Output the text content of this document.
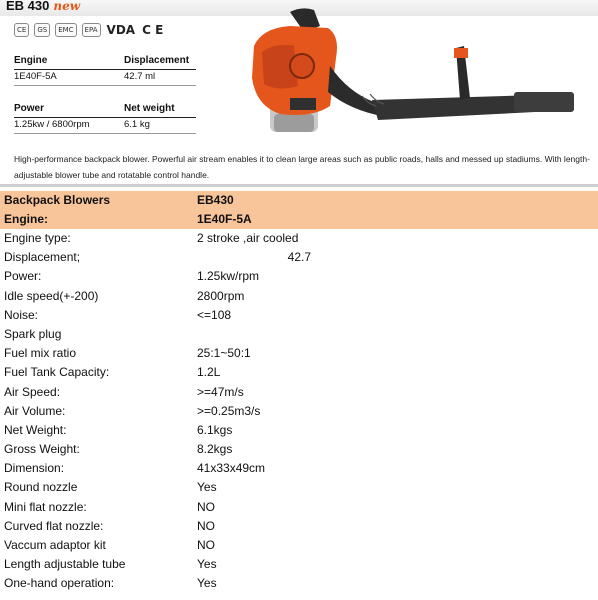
EB 430 new
CE	GS	EMC	EPA VDA C E
Engine	Displacement
1E40F-5A	42.7 ml
Power	Net weight
1.25kw / 6800rpm	6.1 kg
High-performance backpack blower. Powerful air stream enables it to clean large areas such as public roads, halls and messed up stadiums. With length-adjustable blower tube and rotatable control handle.
Backpack Blowers	EB430
Engine:	1E40F-5A
Engine type:	2 stroke ,air cooled
Displacement;	42.7
Power:	1.25kw/rpm
Idle speed(+-200)	2800rpm
Noise:	<=108
Spark plug
Fuel mix ratio	25:1~50:1
Fuel Tank Capacity:	1.2L
Air Speed:	>=47m/s
Air Volume:	>=0.25m3/s
Net Weight:	6.1kgs
Gross Weight:	8.2kgs
Dimension:	41x33x49cm
Round nozzle	Yes
Mini flat nozzle:	NO
Curved flat nozzle:	NO
Vaccum adaptor kit	NO
Length adjustable tube	Yes
One-hand operation:	Yes
